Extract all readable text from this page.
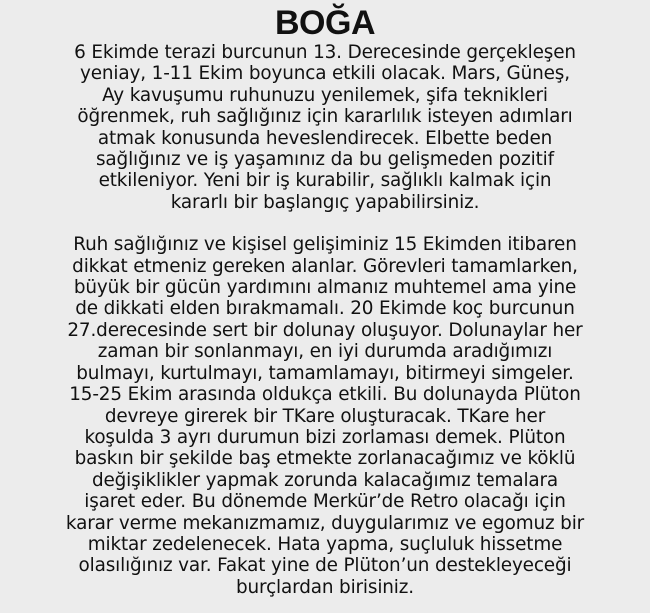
BOĞA

6 Ekimde terazi burcunun 13. Derecesinde gerçekleşen
yeniay, 1-11 Ekim boyunca etkili olacak. Mars, Güneş,
Ay kavuşumu ruhunuzu yenilemek, şifa teknikleri
öğrenmek, ruh sağlığınız için kararlılık isteyen adımları
atmak konusunda heveslendirecek. Elbette beden
sağlığınız ve iş yaşamınız da bu gelişmeden pozitif
etkileniyor. Yeni bir iş kurabilir, sağlıklı kalmak için
kararlı bir başlangıç yapabilirsiniz.

Ruh sağlığınız ve kişisel gelişiminiz 15 Ekimden itibaren
dikkat etmeniz gereken alanlar. Görevleri tamamlarken,
büyük bir gücün yardımını almanız muhtemel ama yine
de dikkati elden bırakmamalı. 20 Ekimde koç burcunun
27.derecesinde sert bir dolunay oluşuyor. Dolunaylar her
zaman bir sonlanmayı, en iyi durumda aradığımızı
bulmayı, kurtulmayı, tamamlamayı, bitirmeyi simgeler.
15-25 Ekim arasında oldukça etkili. Bu dolunayda Plüton
devreye girerek bir TKare oluşturacak. TKare her
koşulda 3 ayrı durumun bizi zorlaması demek. Plüton
baskın bir şekilde baş etmekte zorlanacağımız ve köklü
değişiklikler yapmak zorunda kalacağımız temalara
işaret eder. Bu dönemde Merkür’de Retro olacağı için
karar verme mekanızmamız, duygularımız ve egomuz bir
miktar zedelenecek. Hata yapma, suçluluk hissetme
olasılığınız var. Fakat yine de Plüton’un destekleyeceği
burçlardan birisiniz.
